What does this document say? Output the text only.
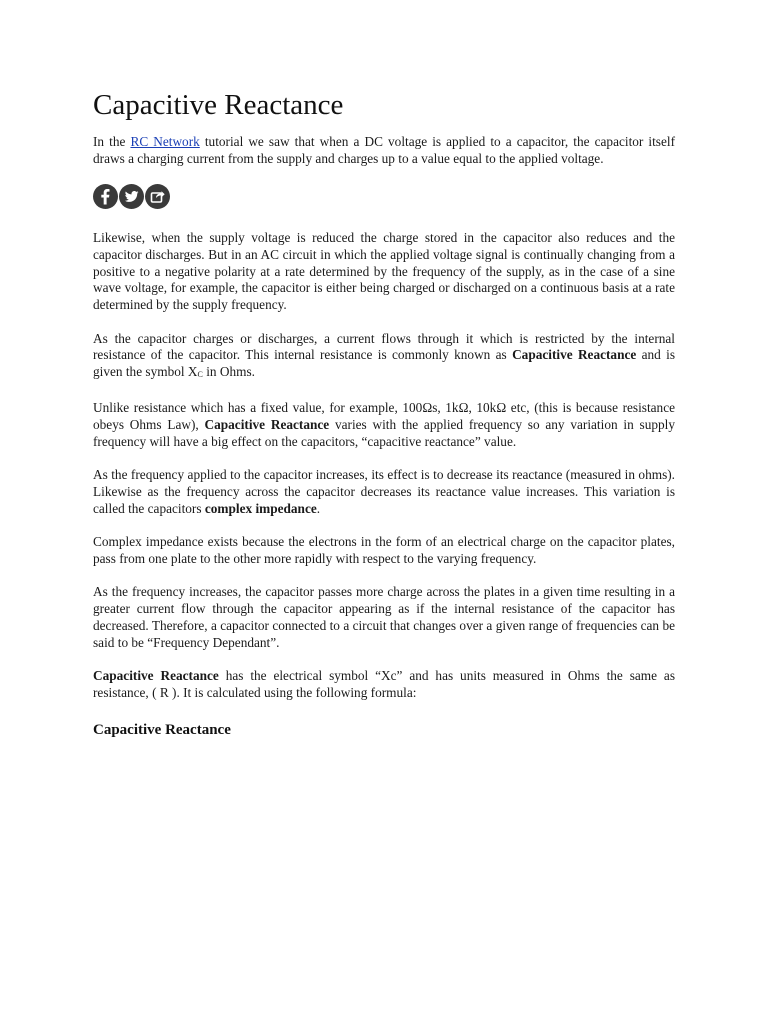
Capacitive Reactance

In the RC Network tutorial we saw that when a DC voltage is applied to a capacitor, the capacitor itself draws a charging current from the supply and charges up to a value equal to the applied voltage.

Likewise, when the supply voltage is reduced the charge stored in the capacitor also reduces and the capacitor discharges. But in an AC circuit in which the applied voltage signal is continually changing from a positive to a negative polarity at a rate determined by the frequency of the supply, as in the case of a sine wave voltage, for example, the capacitor is either being charged or discharged on a continuous basis at a rate determined by the supply frequency.

As the capacitor charges or discharges, a current flows through it which is restricted by the internal resistance of the capacitor. This internal resistance is commonly known as Capacitive Reactance and is given the symbol $X_C$ in Ohms.

Unlike resistance which has a fixed value, for example, 100Ωs, 1kΩ, 10kΩ etc, (this is because resistance obeys Ohms Law), Capacitive Reactance varies with the applied frequency so any variation in supply frequency will have a big effect on the capacitors, “capacitive reactance” value.

As the frequency applied to the capacitor increases, its effect is to decrease its reactance (measured in ohms). Likewise as the frequency across the capacitor decreases its reactance value increases. This variation is called the capacitors complex impedance.

Complex impedance exists because the electrons in the form of an electrical charge on the capacitor plates, pass from one plate to the other more rapidly with respect to the varying frequency.

As the frequency increases, the capacitor passes more charge across the plates in a given time resulting in a greater current flow through the capacitor appearing as if the internal resistance of the capacitor has decreased. Therefore, a capacitor connected to a circuit that changes over a given range of frequencies can be said to be “Frequency Dependant”.

Capacitive Reactance has the electrical symbol “Xc” and has units measured in Ohms the same as resistance, ( R ). It is calculated using the following formula:

Capacitive Reactance
